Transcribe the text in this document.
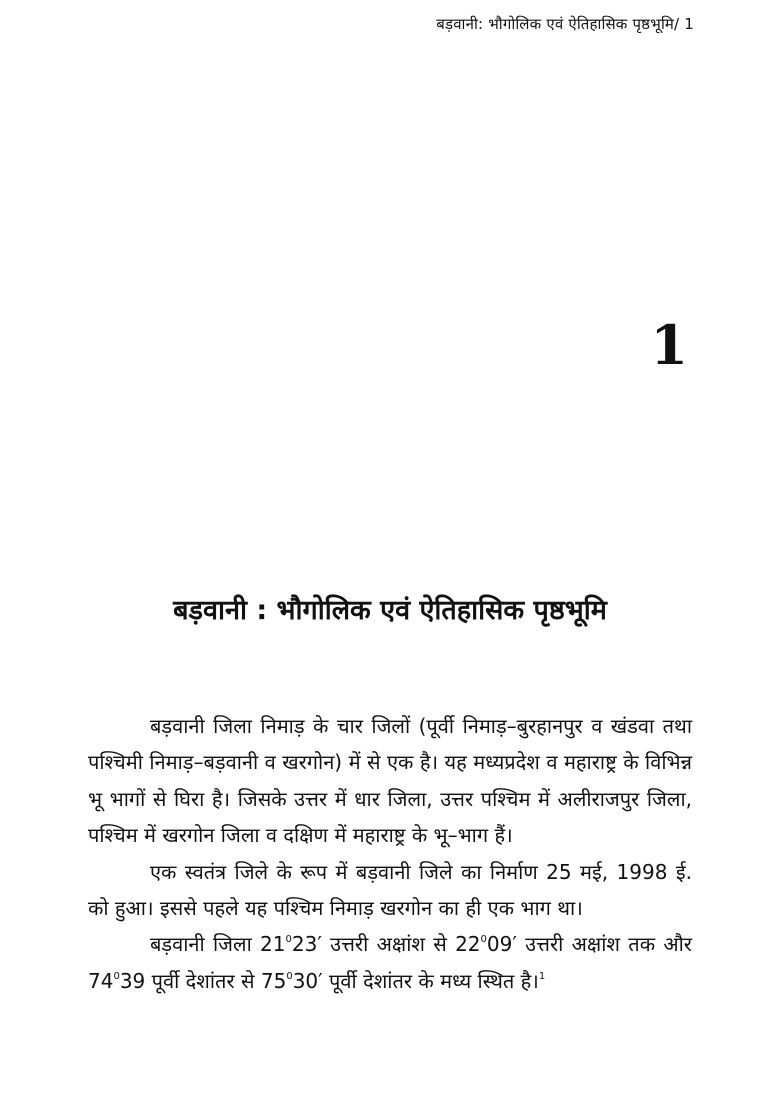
बड़वानी: भौगोलिक एवं ऐतिहासिक पृष्ठभूमि/ 1
1
बड़वानी : भौगोलिक एवं ऐतिहासिक पृष्ठभूमि

बड़वानी जिला निमाड़ के चार जिलों (पूर्वी निमाड़–बुरहानपुर व खंडवा तथा पश्चिमी निमाड़–बड़वानी व खरगोन) में से एक है। यह मध्यप्रदेश व महाराष्ट्र के विभिन्न भू भागों से घिरा है। जिसके उत्तर में धार जिला, उत्तर पश्चिम में अलीराजपुर जिला, पश्चिम में खरगोन जिला व दक्षिण में महाराष्ट्र के भू–भाग हैं।

एक स्वतंत्र जिले के रूप में बड़वानी जिले का निर्माण 25 मई, 1998 ई. को हुआ। इससे पहले यह पश्चिम निमाड़ खरगोन का ही एक भाग था।

बड़वानी जिला $21^023'$ उत्तरी अक्षांश से $22^009'$ उत्तरी अक्षांश तक और $74^039$ पूर्वी देशांतर से $75^030'$ पूर्वी देशांतर के मध्य स्थित है।$^1$
